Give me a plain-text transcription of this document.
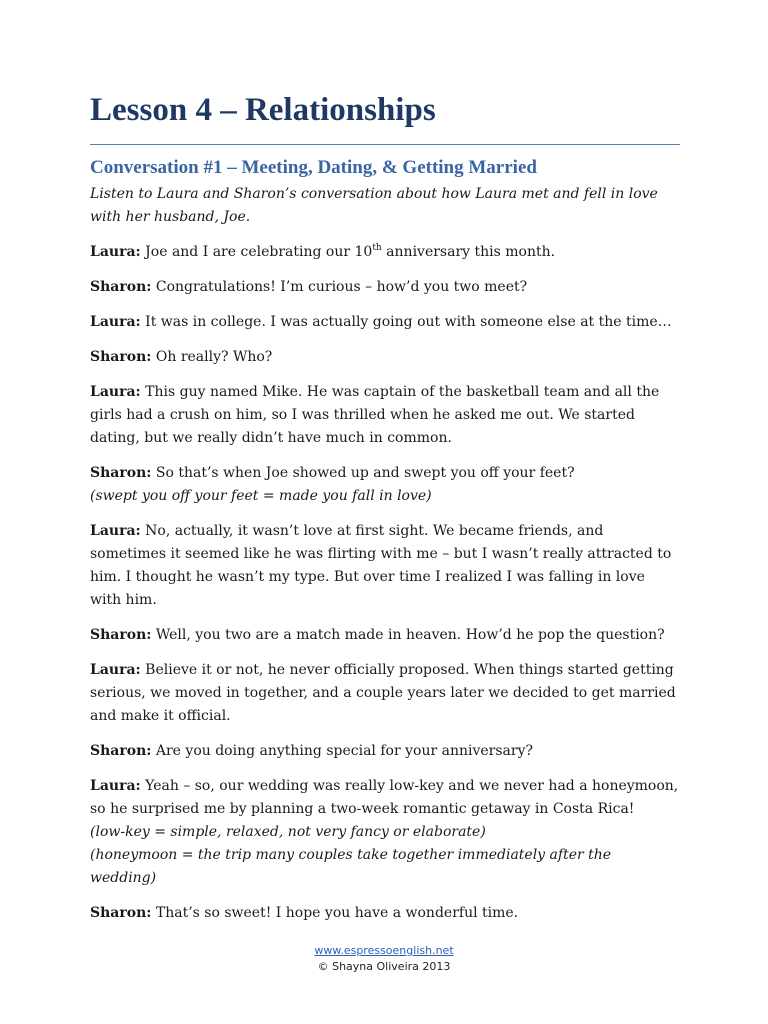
Lesson 4 – Relationships
Conversation #1 – Meeting, Dating, & Getting Married

Listen to Laura and Sharon’s conversation about how Laura met and fell in love with her husband, Joe.

Laura: Joe and I are celebrating our 10th anniversary this month.

Sharon: Congratulations! I’m curious – how’d you two meet?

Laura: It was in college. I was actually going out with someone else at the time…

Sharon: Oh really? Who?

Laura: This guy named Mike. He was captain of the basketball team and all the girls had a crush on him, so I was thrilled when he asked me out. We started dating, but we really didn’t have much in common.

Sharon: So that’s when Joe showed up and swept you off your feet?
(swept you off your feet = made you fall in love)

Laura: No, actually, it wasn’t love at first sight. We became friends, and sometimes it seemed like he was flirting with me – but I wasn’t really attracted to him. I thought he wasn’t my type. But over time I realized I was falling in love with him.

Sharon: Well, you two are a match made in heaven. How’d he pop the question?

Laura: Believe it or not, he never officially proposed. When things started getting serious, we moved in together, and a couple years later we decided to get married and make it official.

Sharon: Are you doing anything special for your anniversary?

Laura: Yeah – so, our wedding was really low-key and we never had a honeymoon, so he surprised me by planning a two-week romantic getaway in Costa Rica!
(low-key = simple, relaxed, not very fancy or elaborate)
(honeymoon = the trip many couples take together immediately after the wedding)

Sharon: That’s so sweet! I hope you have a wonderful time.

www.espressoenglish.net
© Shayna Oliveira 2013
